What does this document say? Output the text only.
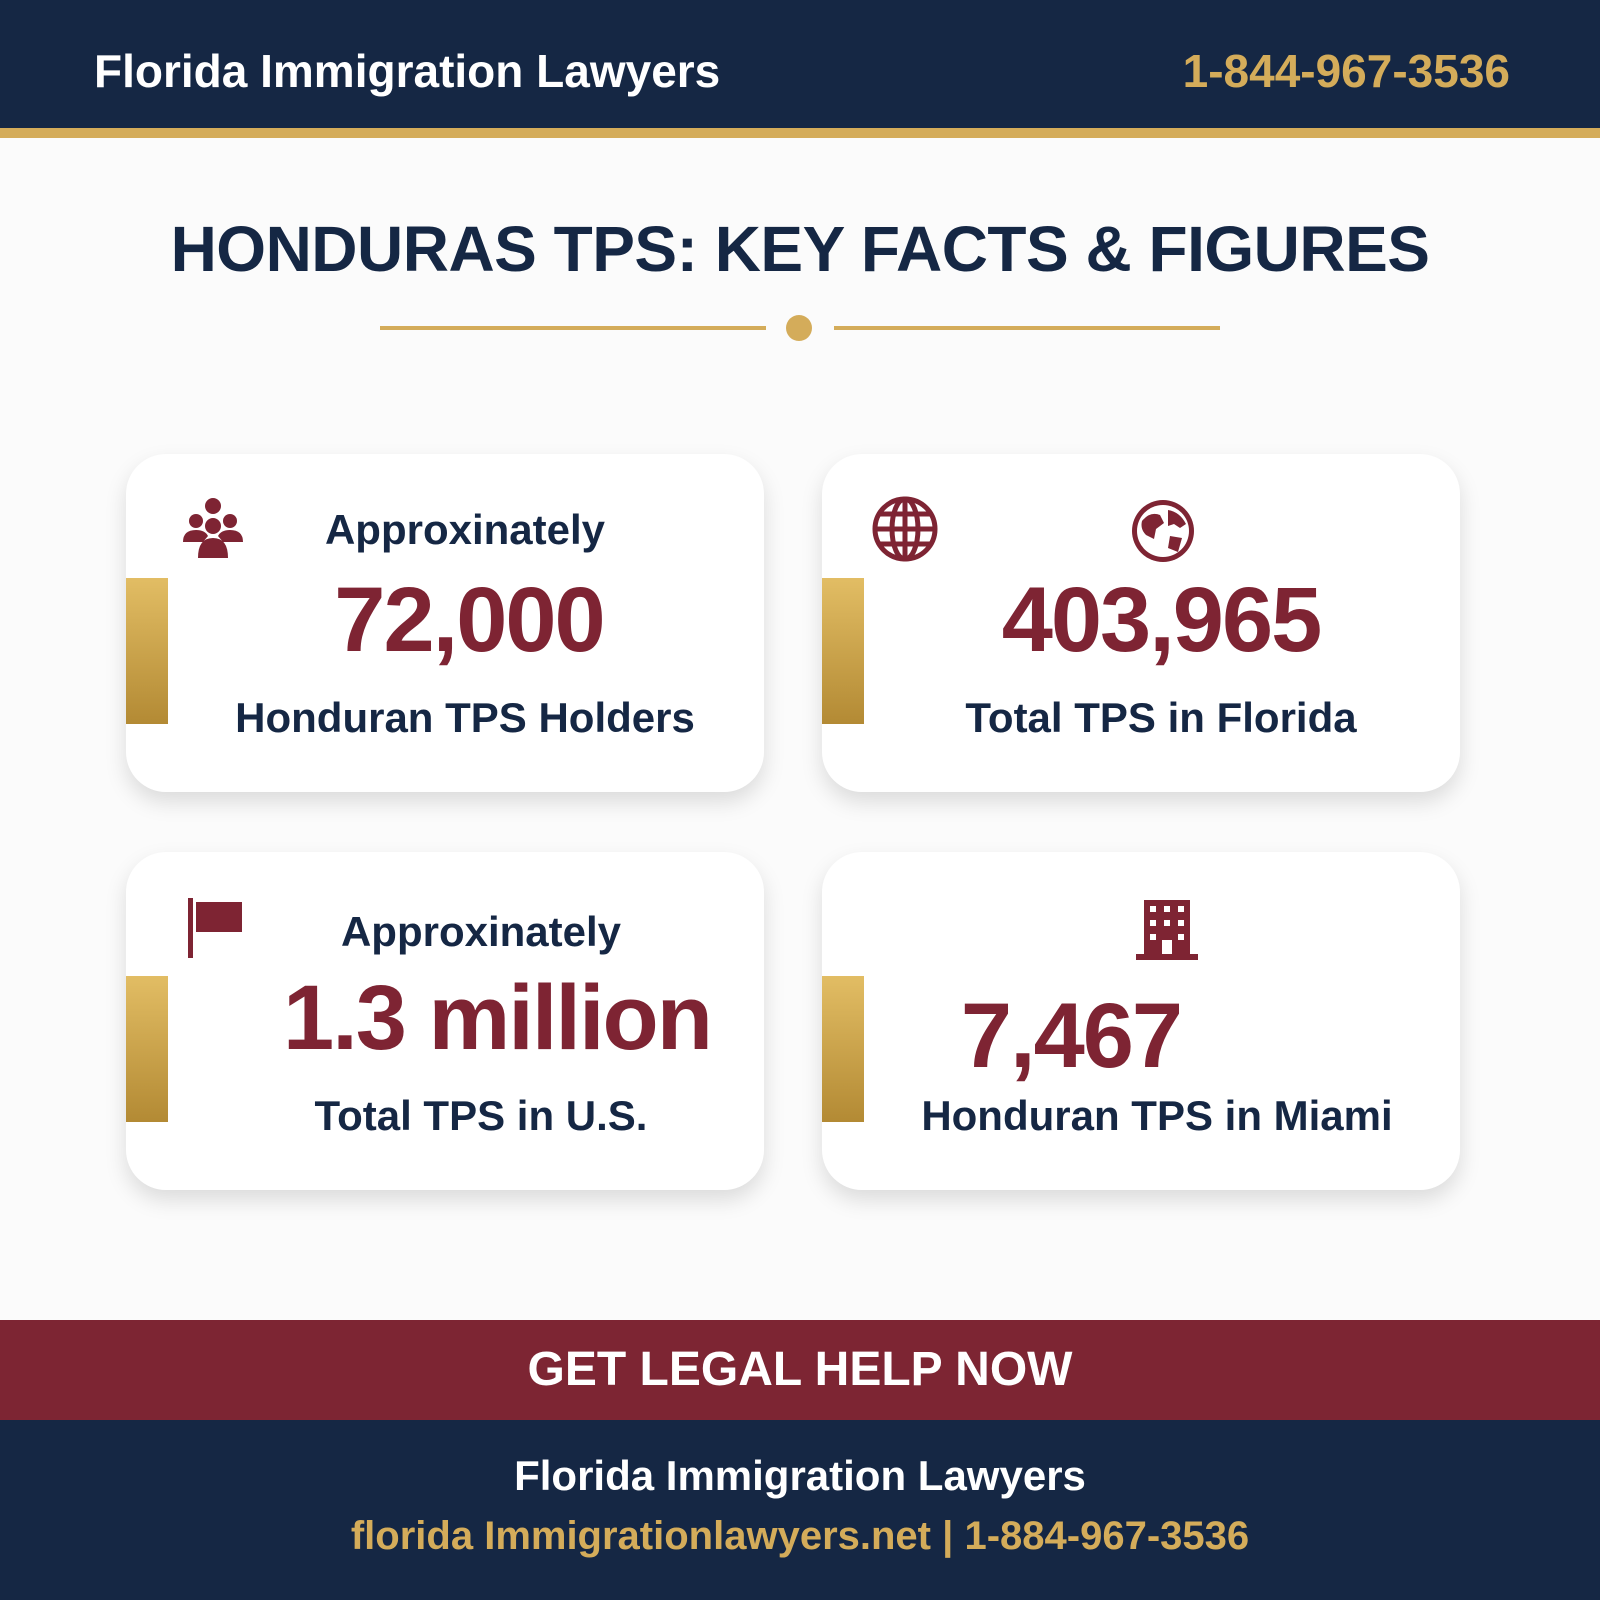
Florida Immigration Lawyers	1-844-967-3536
HONDURAS TPS: KEY FACTS & FIGURES
Approxinately
72,000
Honduran TPS Holders
403,965
Total TPS in Florida
Approxinately
1.3 million
Total TPS in U.S.
7,467
Honduran TPS in Miami
GET LEGAL HELP NOW
Florida Immigration Lawyers
florida Immigrationlawyers.net | 1-884-967-3536
